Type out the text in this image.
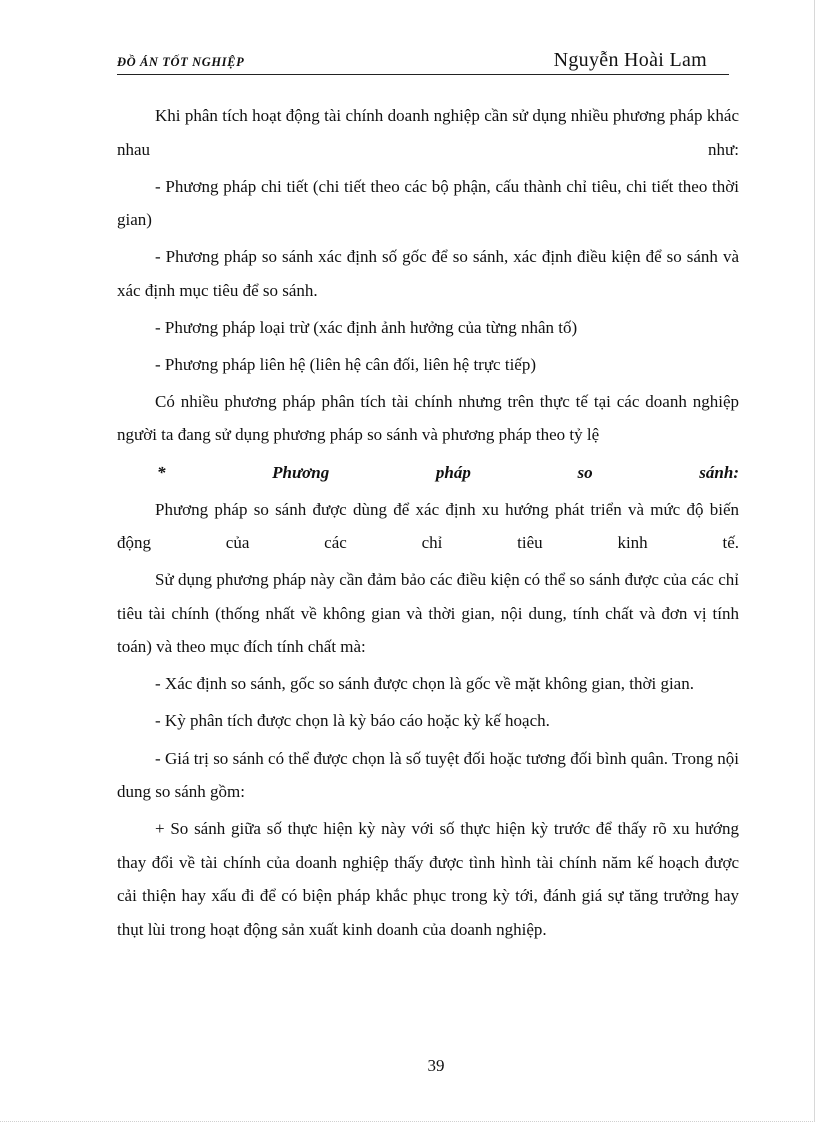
ĐỒ ÁN TỐT NGHIỆP	Nguyễn Hoài Lam

Khi phân tích hoạt động tài chính doanh nghiệp cần sử dụng nhiều phương pháp khác nhau như:

- Phương pháp chi tiết (chi tiết theo các bộ phận, cấu thành chỉ tiêu, chi tiết theo thời gian)

- Phương pháp so sánh xác định số gốc để so sánh, xác định điều kiện để so sánh và xác định mục tiêu để so sánh.

- Phương pháp loại trừ (xác định ảnh hưởng của từng nhân tố)

- Phương pháp liên hệ (liên hệ cân đối, liên hệ trực tiếp)

Có nhiều phương pháp phân tích tài chính nhưng trên thực tế tại các doanh nghiệp người ta đang sử dụng phương pháp so sánh và phương pháp theo tỷ lệ

* Phương pháp so sánh:

Phương pháp so sánh được dùng để xác định xu hướng phát triển và mức độ biến động của các chỉ tiêu kinh tế.

Sử dụng phương pháp này cần đảm bảo các điều kiện có thể so sánh được của các chỉ tiêu tài chính (thống nhất về không gian và thời gian, nội dung, tính chất và đơn vị tính toán) và theo mục đích tính chất mà:

- Xác định so sánh, gốc so sánh được chọn là gốc về mặt không gian, thời gian.

- Kỳ phân tích được chọn là kỳ báo cáo hoặc kỳ kế hoạch.

- Giá trị so sánh có thể được chọn là số tuyệt đối hoặc tương đối bình quân. Trong nội dung so sánh gồm:

+ So sánh giữa số thực hiện kỳ này với số thực hiện kỳ trước để thấy rõ xu hướng thay đổi về tài chính của doanh nghiệp thấy được tình hình tài chính năm kế hoạch được cải thiện hay xấu đi để có biện pháp khắc phục trong kỳ tới, đánh giá sự tăng trưởng hay thụt lùi trong hoạt động sản xuất kinh doanh của doanh nghiệp.

39
